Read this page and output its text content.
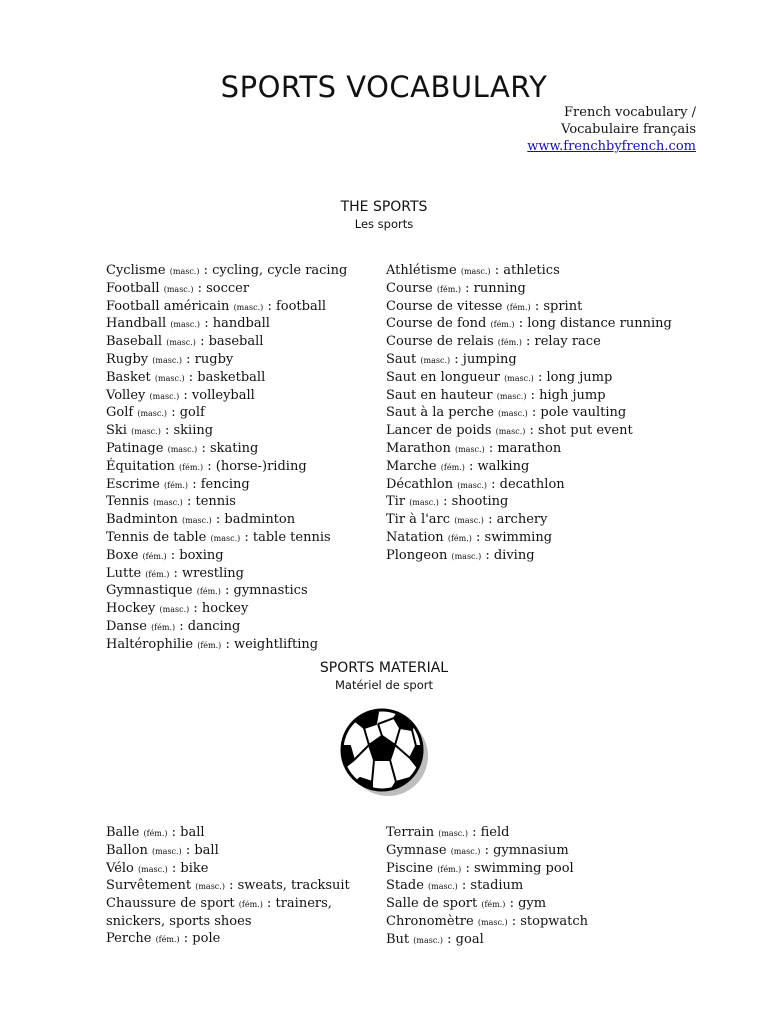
SPORTS VOCABULARY
French vocabulary /
Vocabulaire français
www.frenchbyfrench.com
THE SPORTS
Les sports
Cyclisme (masc.) : cycling, cycle racing
Football (masc.) : soccer
Football américain (masc.) : football
Handball (masc.) : handball
Baseball (masc.) : baseball
Rugby (masc.) : rugby
Basket (masc.) : basketball
Volley (masc.) : volleyball
Golf (masc.) : golf
Ski (masc.) : skiing
Patinage (masc.) : skating
Équitation (fém.) : (horse-)riding
Escrime (fém.) : fencing
Tennis (masc.) : tennis
Badminton (masc.) : badminton
Tennis de table (masc.) : table tennis
Boxe (fém.) : boxing
Lutte (fém.) : wrestling
Gymnastique (fém.) : gymnastics
Hockey (masc.) : hockey
Danse (fém.) : dancing
Haltérophilie (fém.) : weightlifting
Athlétisme (masc.) : athletics
Course (fém.) : running
Course de vitesse (fém.) : sprint
Course de fond (fém.) : long distance running
Course de relais (fém.) : relay race
Saut (masc.) : jumping
Saut en longueur (masc.) : long jump
Saut en hauteur (masc.) : high jump
Saut à la perche (masc.) : pole vaulting
Lancer de poids (masc.) : shot put event
Marathon (masc.) : marathon
Marche (fém.) : walking
Décathlon (masc.) : decathlon
Tir (masc.) : shooting
Tir à l'arc (masc.) : archery
Natation (fém.) : swimming
Plongeon (masc.) : diving
SPORTS MATERIAL
Matériel de sport
Balle (fém.) : ball
Ballon (masc.) : ball
Vélo (masc.) : bike
Survêtement (masc.) : sweats, tracksuit
Chaussure de sport (fém.) : trainers, snickers, sports shoes
Perche (fém.) : pole
Terrain (masc.) : field
Gymnase (masc.) : gymnasium
Piscine (fém.) : swimming pool
Stade (masc.) : stadium
Salle de sport (fém.) : gym
Chronomètre (masc.) : stopwatch
But (masc.) : goal
